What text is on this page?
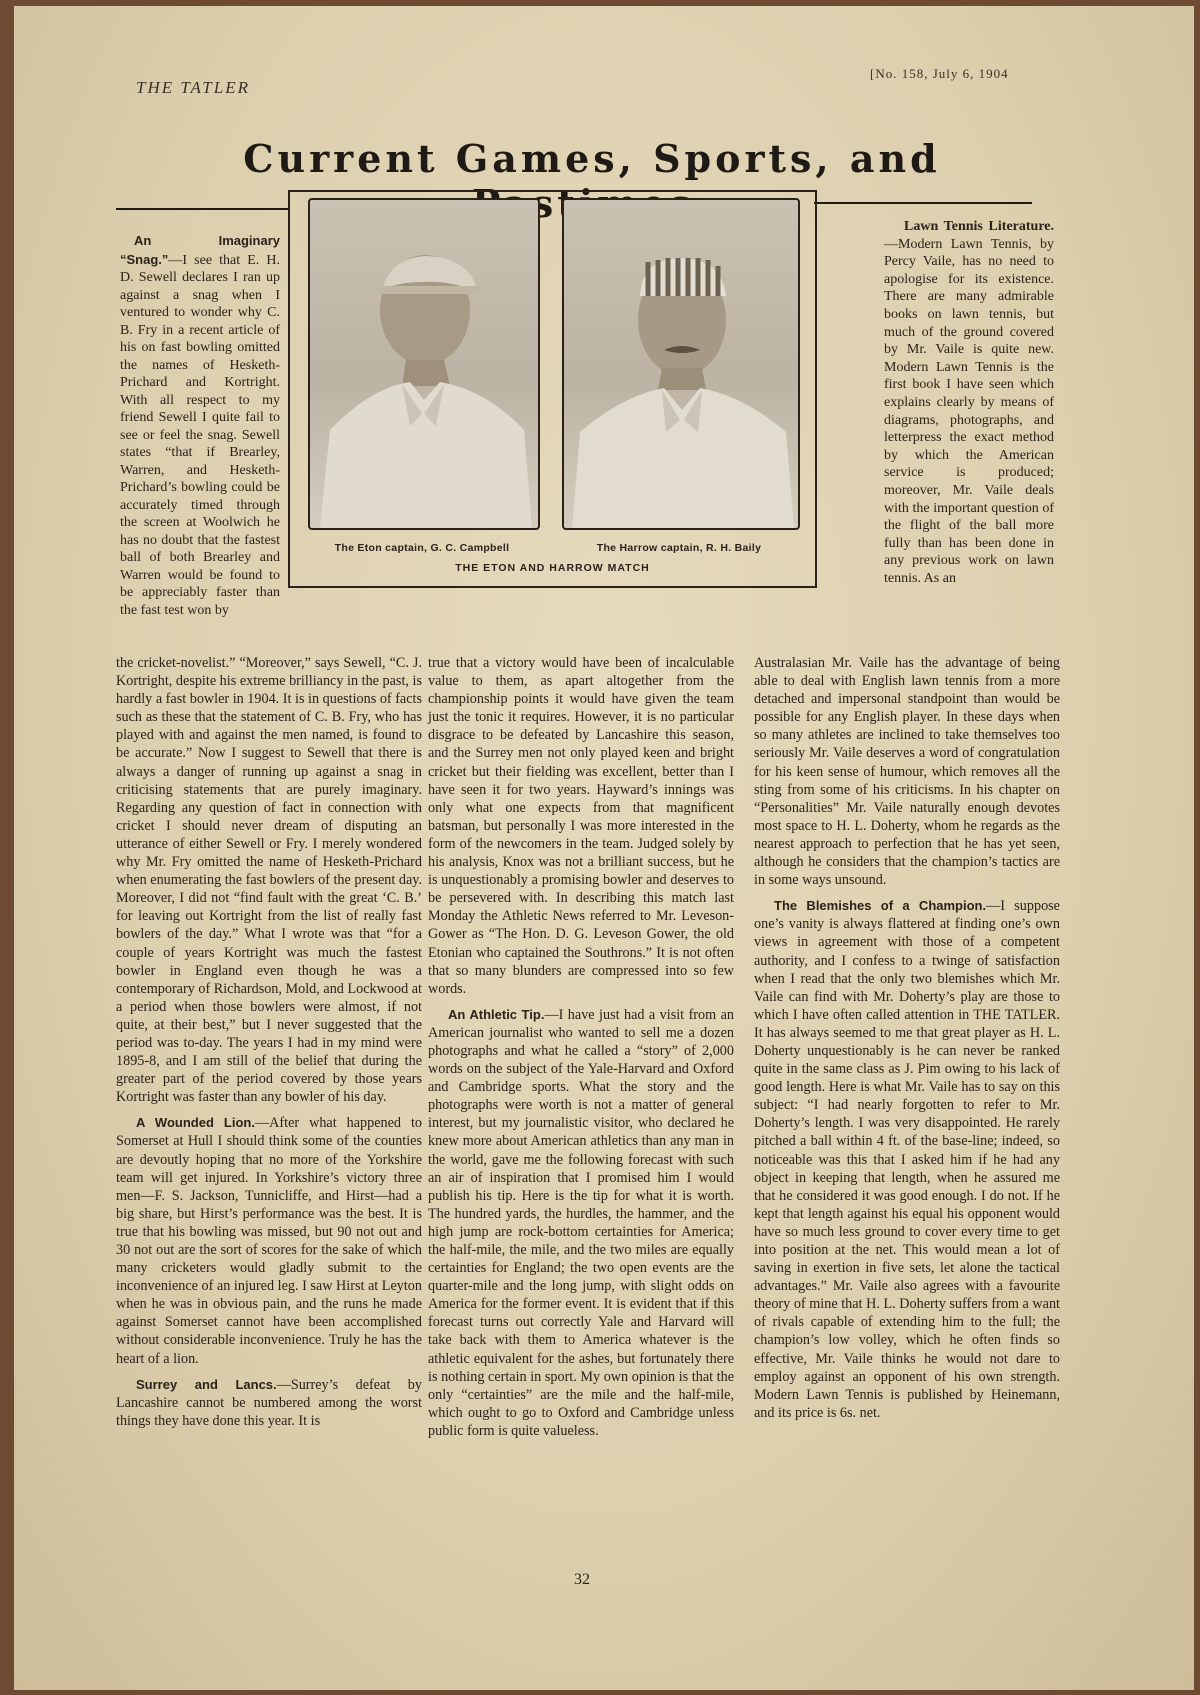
THE TATLER
[No. 158, July 6, 1904
Current Games, Sports, and

An Imaginary “Snag.”—I see that E. H. D. Sewell declares I ran up against a snag when I ventured to wonder why C. B. Fry in a recent article of his on fast bowling omitted the names of Hesketh-Prichard and Kortright. With all respect to my friend Sewell I quite fail to see or feel the snag. Sewell states “that if Brearley, Warren, and Hesketh-Prichard’s bowling could be accurately timed through the screen at Woolwich he has no doubt that the fastest ball of both Brearley and Warren would be found to be appreciably faster than the fast test won by

The Eton captain, G. C. Campbell	The Harrow captain, R. H. Baily
THE ETON AND HARROW MATCH

Lawn Tennis Literature.—Modern Lawn Tennis, by Percy Vaile, has no need to apologise for its existence. There are many admirable books on lawn tennis, but much of the ground covered by Mr. Vaile is quite new. Modern Lawn Tennis is the first book I have seen which explains clearly by means of diagrams, photographs, and letterpress the exact method by which the American service is produced; moreover, Mr. Vaile deals with the important question of the flight of the ball more fully than has been done in any previous work on lawn tennis. As an

the cricket-novelist.” “Moreover,” says Sewell, “C. J. Kortright, despite his extreme brilliancy in the past, is hardly a fast bowler in 1904. It is in questions of facts such as these that the statement of C. B. Fry, who has played with and against the men named, is found to be accurate.” Now I suggest to Sewell that there is always a danger of running up against a snag in criticising statements that are purely imaginary. Regarding any question of fact in connection with cricket I should never dream of disputing an utterance of either Sewell or Fry. I merely wondered why Mr. Fry omitted the name of Hesketh-Prichard when enumerating the fast bowlers of the present day. Moreover, I did not “find fault with the great ‘C. B.’ for leaving out Kortright from the list of really fast bowlers of the day.” What I wrote was that “for a couple of years Kortright was much the fastest bowler in England even though he was a contemporary of Richardson, Mold, and Lockwood at a period when those bowlers were almost, if not quite, at their best,” but I never suggested that the period was to-day. The years I had in my mind were 1895-8, and I am still of the belief that during the greater part of the period covered by those years Kortright was faster than any bowler of his day.

A Wounded Lion.—After what happened to Somerset at Hull I should think some of the counties are devoutly hoping that no more of the Yorkshire team will get injured. In Yorkshire’s victory three men—F. S. Jackson, Tunnicliffe, and Hirst—had a big share, but Hirst’s performance was the best. It is true that his bowling was missed, but 90 not out and 30 not out are the sort of scores for the sake of which many cricketers would gladly submit to the inconvenience of an injured leg. I saw Hirst at Leyton when he was in obvious pain, and the runs he made against Somerset cannot have been accomplished without considerable inconvenience. Truly he has the heart of a lion.

Surrey and Lancs.—Surrey’s defeat by Lancashire cannot be numbered among the worst things they have done this year. It is

true that a victory would have been of incalculable value to them, as apart altogether from the championship points it would have given the team just the tonic it requires. However, it is no particular disgrace to be defeated by Lancashire this season, and the Surrey men not only played keen and bright cricket but their fielding was excellent, better than I have seen it for two years. Hayward’s innings was only what one expects from that magnificent batsman, but personally I was more interested in the form of the newcomers in the team. Judged solely by his analysis, Knox was not a brilliant success, but he is unquestionably a promising bowler and deserves to be persevered with. In describing this match last Monday the Athletic News referred to Mr. Leveson-Gower as “The Hon. D. G. Leveson Gower, the old Etonian who captained the Southrons.” It is not often that so many blunders are compressed into so few words.

An Athletic Tip.—I have just had a visit from an American journalist who wanted to sell me a dozen photographs and what he called a “story” of 2,000 words on the subject of the Yale-Harvard and Oxford and Cambridge sports. What the story and the photographs were worth is not a matter of general interest, but my journalistic visitor, who declared he knew more about American athletics than any man in the world, gave me the following forecast with such an air of inspiration that I promised him I would publish his tip. Here is the tip for what it is worth. The hundred yards, the hurdles, the hammer, and the high jump are rock-bottom certainties for America; the half-mile, the mile, and the two miles are equally certainties for England; the two open events are the quarter-mile and the long jump, with slight odds on America for the former event. It is evident that if this forecast turns out correctly Yale and Harvard will take back with them to America whatever is the athletic equivalent for the ashes, but fortunately there is nothing certain in sport. My own opinion is that the only “certainties” are the mile and the half-mile, which ought to go to Oxford and Cambridge unless public form is quite valueless.

Australasian Mr. Vaile has the advantage of being able to deal with English lawn tennis from a more detached and impersonal standpoint than would be possible for any English player. In these days when so many athletes are inclined to take themselves too seriously Mr. Vaile deserves a word of congratulation for his keen sense of humour, which removes all the sting from some of his criticisms. In his chapter on “Personalities” Mr. Vaile naturally enough devotes most space to H. L. Doherty, whom he regards as the nearest approach to perfection that he has yet seen, although he considers that the champion’s tactics are in some ways unsound.

The Blemishes of a Champion.—I suppose one’s vanity is always flattered at finding one’s own views in agreement with those of a competent authority, and I confess to a twinge of satisfaction when I read that the only two blemishes which Mr. Vaile can find with Mr. Doherty’s play are those to which I have often called attention in THE TATLER. It has always seemed to me that great player as H. L. Doherty unquestionably is he can never be ranked quite in the same class as J. Pim owing to his lack of good length. Here is what Mr. Vaile has to say on this subject: “I had nearly forgotten to refer to Mr. Doherty’s length. I was very disappointed. He rarely pitched a ball within 4 ft. of the base-line; indeed, so noticeable was this that I asked him if he had any object in keeping that length, when he assured me that he considered it was good enough. I do not. If he kept that length against his equal his opponent would have so much less ground to cover every time to get into position at the net. This would mean a lot of saving in exertion in five sets, let alone the tactical advantages.” Mr. Vaile also agrees with a favourite theory of mine that H. L. Doherty suffers from a want of rivals capable of extending him to the full; the champion’s low volley, which he often finds so effective, Mr. Vaile thinks he would not dare to employ against an opponent of his own strength. Modern Lawn Tennis is published by Heinemann, and its price is 6s. net.

32
